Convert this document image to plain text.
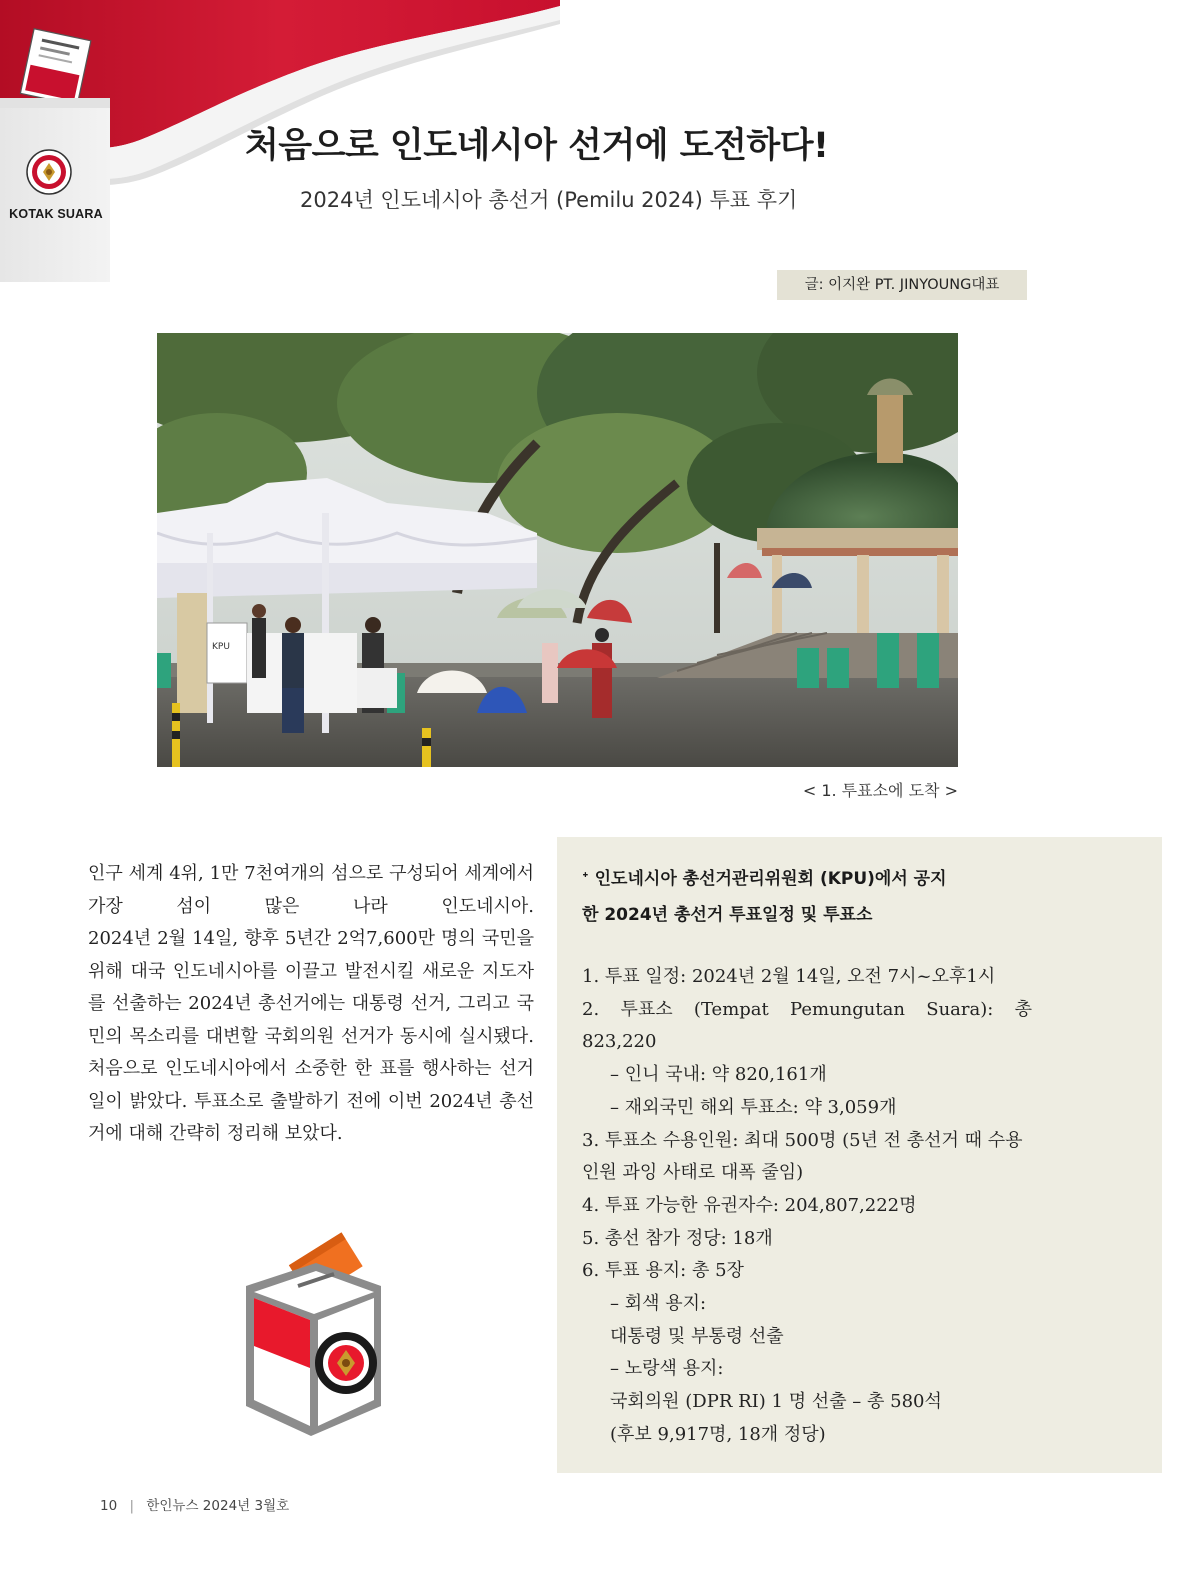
KOTAK SUARA
처음으로 인도네시아 선거에 도전하다!
2024년 인도네시아 총선거 (Pemilu 2024) 투표 후기
글: 이지완 PT. JINYOUNG대표
KPU
< 1. 투표소에 도착 >

인구 세계 4위, 1만 7천여개의 섬으로 구성되어 세계에서 가장 섬이 많은 나라 인도네시아.

2024년 2월 14일, 향후 5년간 2억7,600만 명의 국민을 위해 대국 인도네시아를 이끌고 발전시킬 새로운 지도자를 선출하는 2024년 총선거에는 대통령 선거, 그리고 국민의 목소리를 대변할 국회의원 선거가 동시에 실시됐다.

처음으로 인도네시아에서 소중한 한 표를 행사하는 선거일이 밝았다. 투표소로 출발하기 전에 이번 2024년 총선거에 대해 간략히 정리해 보았다.

ᐩ 인도네시아 총선거관리위원회 (KPU)에서 공지
한 2024년 총선거 투표일정 및 투표소
1. 투표 일정: 2024년 2월 14일, 오전 7시~오후1시
2. 투표소 (Tempat Pemungutan Suara): 총 823,220
– 인니 국내: 약 820,161개
– 재외국민 해외 투표소: 약 3,059개
3. 투표소 수용인원: 최대 500명 (5년 전 총선거 때 수용인원 과잉 사태로 대폭 줄임)
4. 투표 가능한 유권자수: 204,807,222명
5. 총선 참가 정당: 18개
6. 투표 용지: 총 5장
– 회색 용지:
대통령 및 부통령 선출
– 노랑색 용지:
국회의원 (DPR RI) 1 명 선출 – 총 580석
(후보 9,917명, 18개 정당)
10 | 한인뉴스 2024년 3월호
